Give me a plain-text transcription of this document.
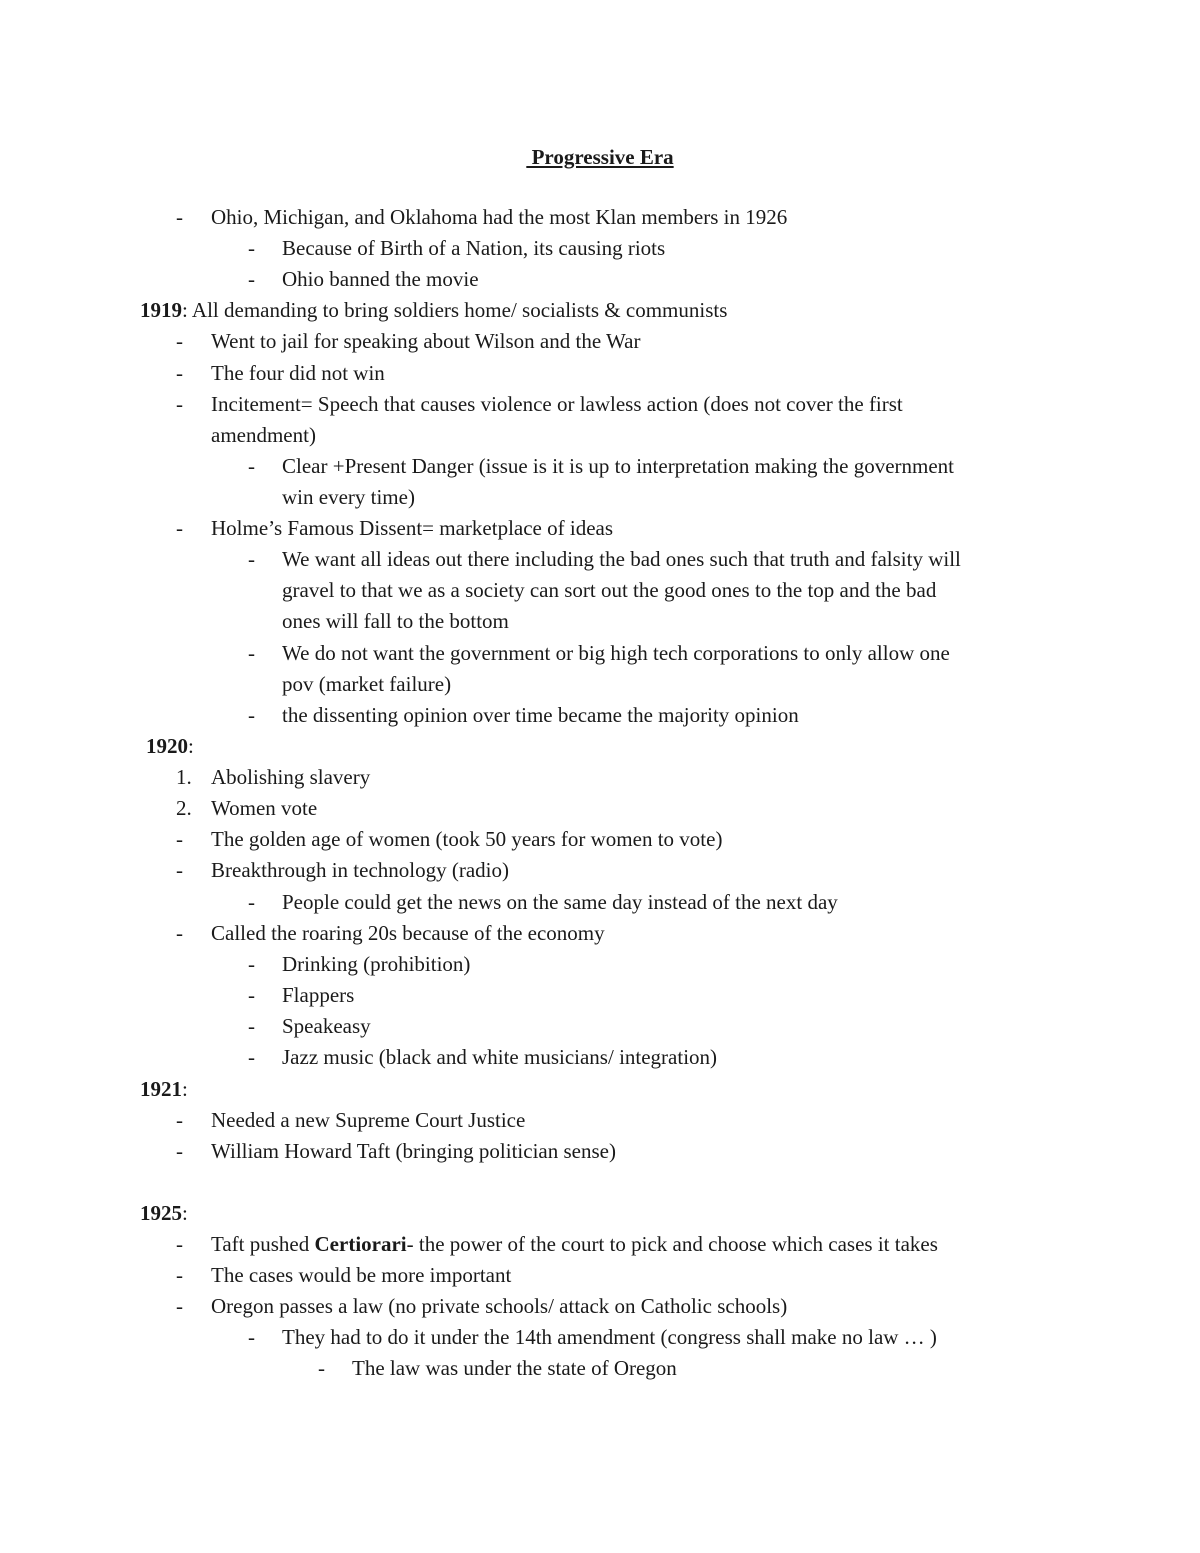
Progressive Era
- Ohio, Michigan, and Oklahoma had the most Klan members in 1926
- Because of Birth of a Nation, its causing riots
- Ohio banned the movie
1919: All demanding to bring soldiers home/ socialists & communists
- Went to jail for speaking about Wilson and the War
- The four did not win
- Incitement= Speech that causes violence or lawless action (does not cover the first
amendment)
- Clear +Present Danger (issue is it is up to interpretation making the government
win every time)
- Holme’s Famous Dissent= marketplace of ideas
- We want all ideas out there including the bad ones such that truth and falsity will
gravel to that we as a society can sort out the good ones to the top and the bad
ones will fall to the bottom
- We do not want the government or big high tech corporations to only allow one
pov (market failure)
- the dissenting opinion over time became the majority opinion
1920:
1. Abolishing slavery
2. Women vote
- The golden age of women (took 50 years for women to vote)
- Breakthrough in technology (radio)
- People could get the news on the same day instead of the next day
- Called the roaring 20s because of the economy
- Drinking (prohibition)
- Flappers
- Speakeasy
- Jazz music (black and white musicians/ integration)
1921:
- Needed a new Supreme Court Justice
- William Howard Taft (bringing politician sense)
1925:
- Taft pushed Certiorari- the power of the court to pick and choose which cases it takes
- The cases would be more important
- Oregon passes a law (no private schools/ attack on Catholic schools)
- They had to do it under the 14th amendment (congress shall make no law … )
- The law was under the state of Oregon
